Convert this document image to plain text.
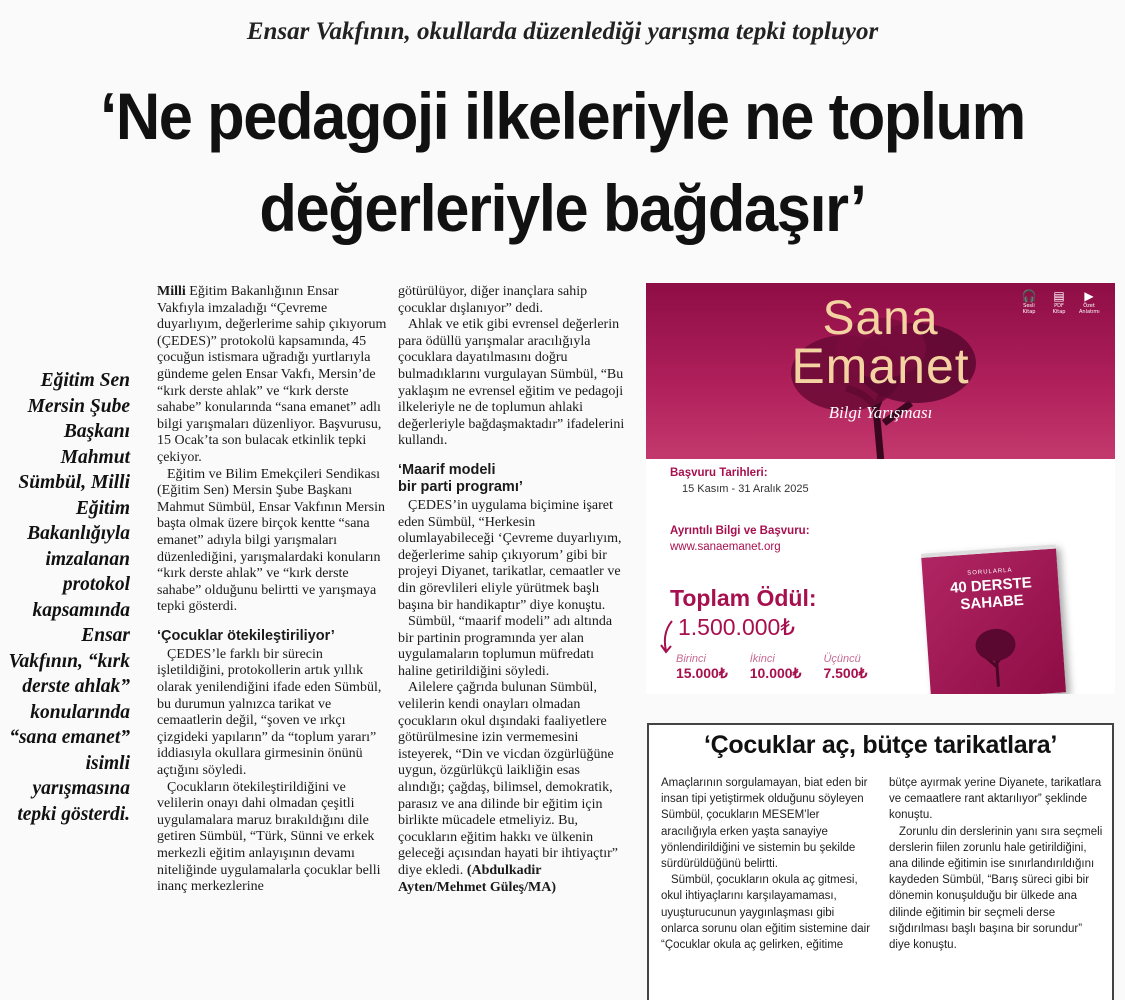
Ensar Vakfının, okullarda düzenlediği yarışma tepki topluyor
‘Ne pedagoji ilkeleriyle ne toplum
değerleriyle bağdaşır’
Eğitim Sen Mersin Şube Başkanı Mahmut Sümbül, Milli Eğitim Bakanlığıyla imzalanan protokol kapsamında Ensar Vakfının, “kırk derste ahlak” konularında “sana emanet” isimli yarışmasına tepki gösterdi.

Milli Eğitim Bakanlığının Ensar Vakfıyla imzaladığı “Çevreme duyarlıyım, değerlerime sahip çıkıyorum (ÇEDES)” protokolü kapsamında, 45 çocuğun istismara uğradığı yurtlarıyla gündeme gelen Ensar Vakfı, Mersin’de “kırk derste ahlak” ve “kırk derste sahabe” konularında “sana emanet” adlı bilgi yarışmaları düzenliyor. Başvurusu, 15 Ocak’ta son bulacak etkinlik tepki çekiyor.

Eğitim ve Bilim Emekçileri Sendikası (Eğitim Sen) Mersin Şube Başkanı Mahmut Sümbül, Ensar Vakfının Mersin başta olmak üzere birçok kentte “sana emanet” adıyla bilgi yarışmaları düzenlediğini, yarışmalardaki konuların “kırk derste ahlak” ve “kırk derste sahabe” olduğunu belirtti ve yarışmaya tepki gösterdi.

‘Çocuklar ötekileştiriliyor’

ÇEDES’le farklı bir sürecin işletildiğini, protokollerin artık yıllık olarak yenilendiğini ifade eden Sümbül, bu durumun yalnızca tarikat ve cemaatlerin değil, “şoven ve ırkçı çizgideki yapıların” da “toplum yararı” iddiasıyla okullara girmesinin önünü açtığını söyledi.

Çocukların ötekileştirildiğini ve velilerin onayı dahi olmadan çeşitli uygulamalara maruz bırakıldığını dile getiren Sümbül, “Türk, Sünni ve erkek merkezli eğitim anlayışının devamı niteliğinde uygulamalarla çocuklar belli inanç merkezlerine

götürülüyor, diğer inançlara sahip çocuklar dışlanıyor” dedi.

Ahlak ve etik gibi evrensel değerlerin para ödüllü yarışmalar aracılığıyla çocuklara dayatılmasını doğru bulmadıklarını vurgulayan Sümbül, “Bu yaklaşım ne evrensel eğitim ve pedagoji ilkeleriyle ne de toplumun ahlaki değerleriyle bağdaşmaktadır” ifadelerini kullandı.

‘Maarif modeli
bir parti programı’

ÇEDES’in uygulama biçimine işaret eden Sümbül, “Herkesin olumlayabileceği ‘Çevreme duyarlıyım, değerlerime sahip çıkıyorum’ gibi bir projeyi Diyanet, tarikatlar, cemaatler ve din görevlileri eliyle yürütmek başlı başına bir handikaptır” diye konuştu.

Sümbül, “maarif modeli” adı altında bir partinin programında yer alan uygulamaların toplumun müfredatı haline getirildiğini söyledi.

Ailelere çağrıda bulunan Sümbül, velilerin kendi onayları olmadan çocukların okul dışındaki faaliyetlere götürülmesine izin vermemesini isteyerek, “Din ve vicdan özgürlüğüne uygun, özgürlükçü laikliğin esas alındığı; çağdaş, bilimsel, demokratik, parasız ve ana dilinde bir eğitim için birlikte mücadele etmeliyiz. Bu, çocukların eğitim hakkı ve ülkenin geleceği açısından hayati bir ihtiyaçtır” diye ekledi. (Abdulkadir Ayten/Mehmet Güleş/MA)

Sana
Emanet
Bilgi Yarışması
🎧
Sesli Kitap
▤
PDF Kitap
▶
Özet Anlatımı
Başvuru Tarihleri:
15 Kasım - 31 Aralık 2025
Ayrıntılı Bilgi ve Başvuru:
www.sanaemanet.org
Toplam Ödül:
1.500.000₺
Birinci
15.000₺
İkinci
10.000₺
Üçüncü
7.500₺
SORULARLA
40 DERSTE
SAHABE
‘Çocuklar aç, bütçe tarikatlara’

Amaçlarının sorgulamayan, biat eden bir insan tipi yetiştirmek olduğunu söyleyen Sümbül, çocukların MESEM’ler aracılığıyla erken yaşta sanayiye yönlendirildiğini ve sistemin bu şekilde sürdürüldüğünü belirtti.

Sümbül, çocukların okula aç gitmesi, okul ihtiyaçlarını karşılayamaması, uyuşturucunun yaygınlaşması gibi onlarca sorunu olan eğitim sistemine dair “Çocuklar okula aç gelirken, eğitime

bütçe ayırmak yerine Diyanete, tarikatlara ve cemaatlere rant aktarılıyor” şeklinde konuştu.

Zorunlu din derslerinin yanı sıra seçmeli derslerin fiilen zorunlu hale getirildiğini, ana dilinde eğitimin ise sınırlandırıldığını kaydeden Sümbül, “Barış süreci gibi bir dönemin konuşulduğu bir ülkede ana dilinde eğitimin bir seçmeli derse sığdırılması başlı başına bir sorundur” diye konuştu.
